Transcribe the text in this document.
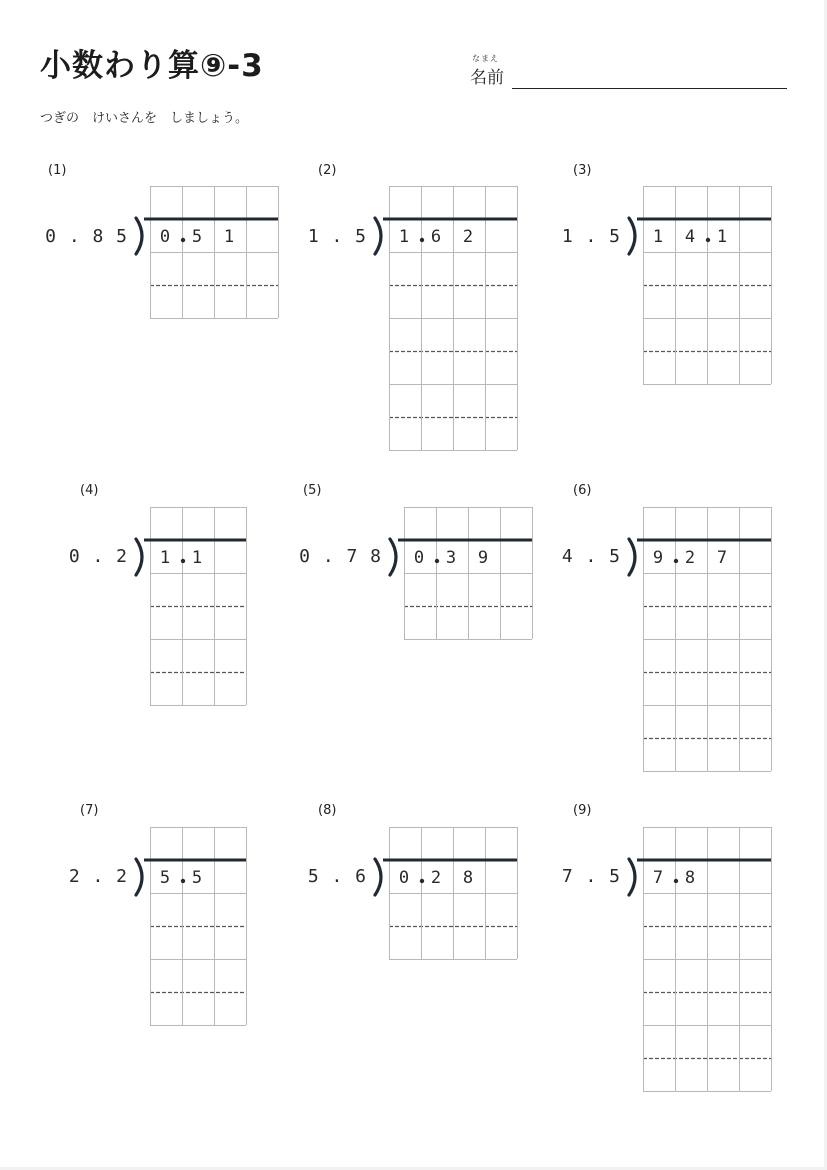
小数わり算⑨-3	なまえ
名前
つぎの　けいさんを　しましょう。
(1)
0 . 8 5 0 5 1
(2)
1 . 5 1 6 2
(3)
1 . 5 1 4 1
(4)
0 . 2 1 1
(5)
0 . 7 8 0 3 9
(6)
4 . 5 9 2 7
(7)
2 . 2 5 5
(8)
5 . 6 0 2 8
(9)
7 . 5 7 8
